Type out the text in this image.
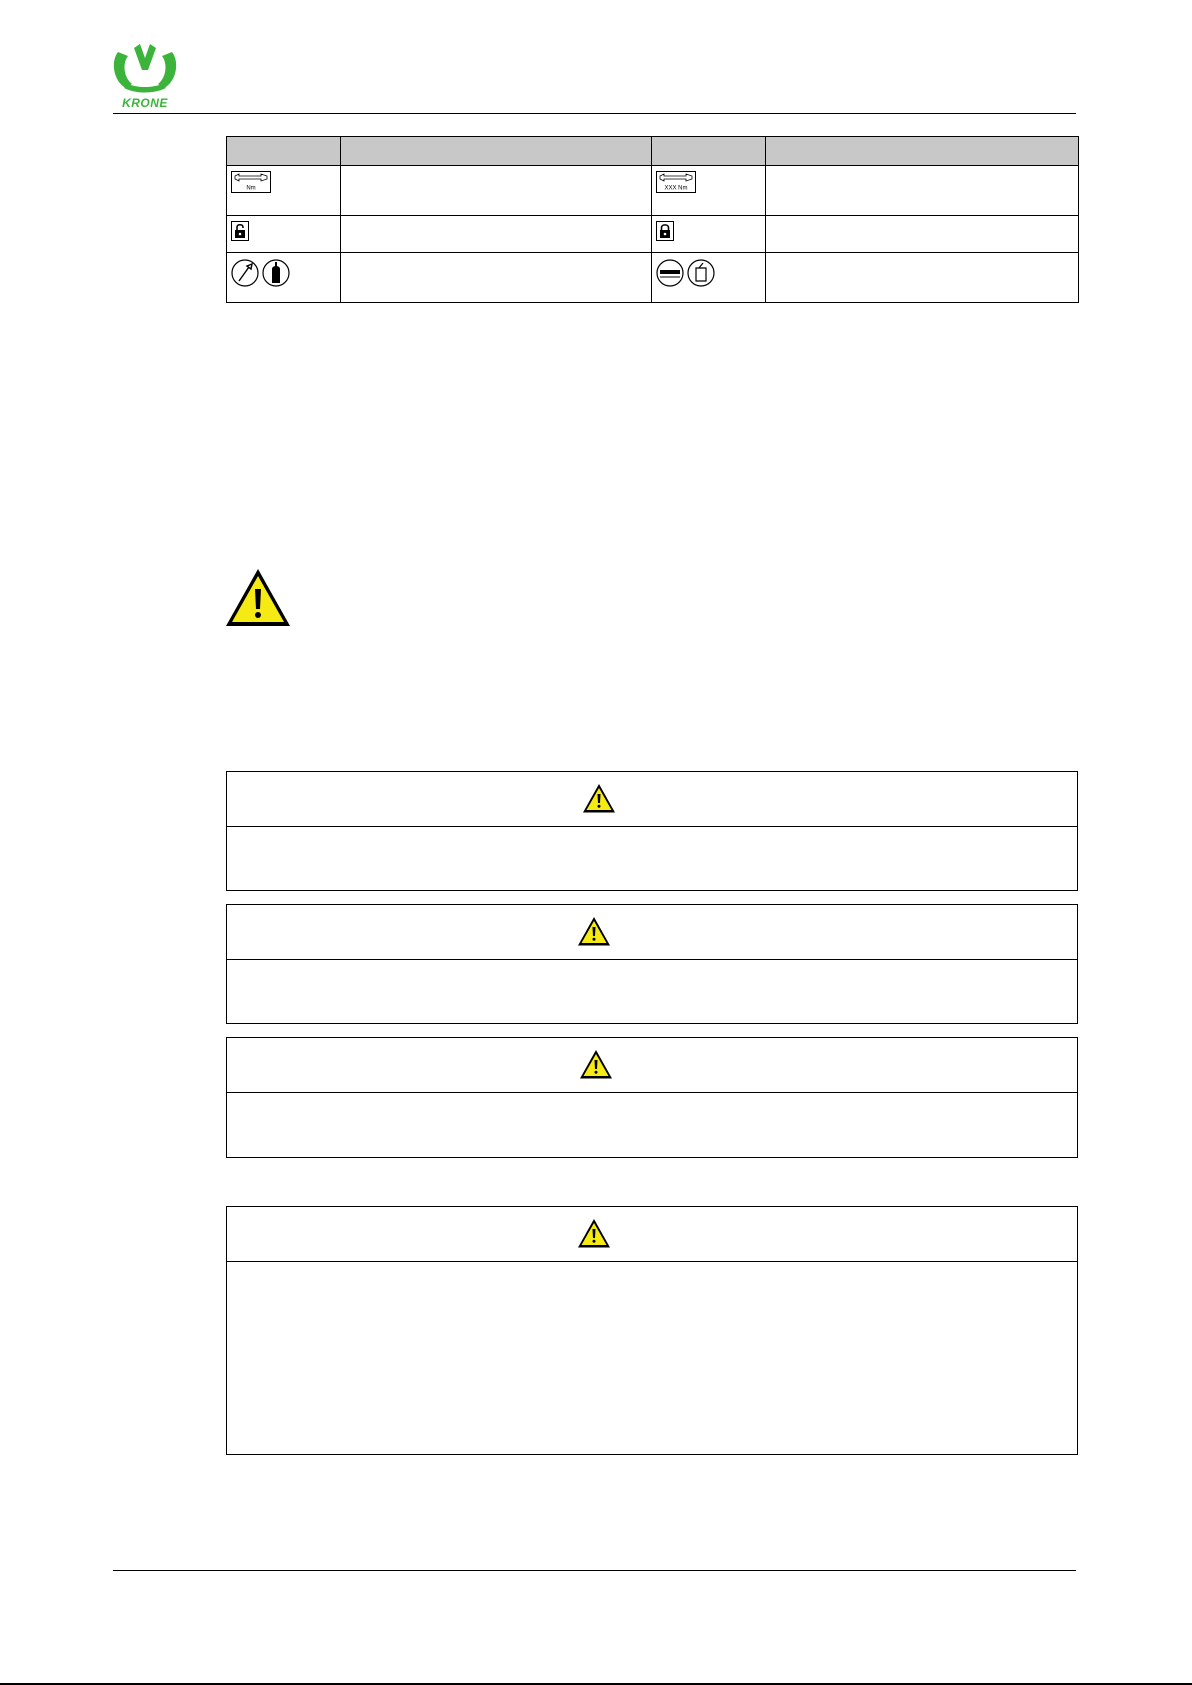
KRONE

Nm		XXX Nm	
